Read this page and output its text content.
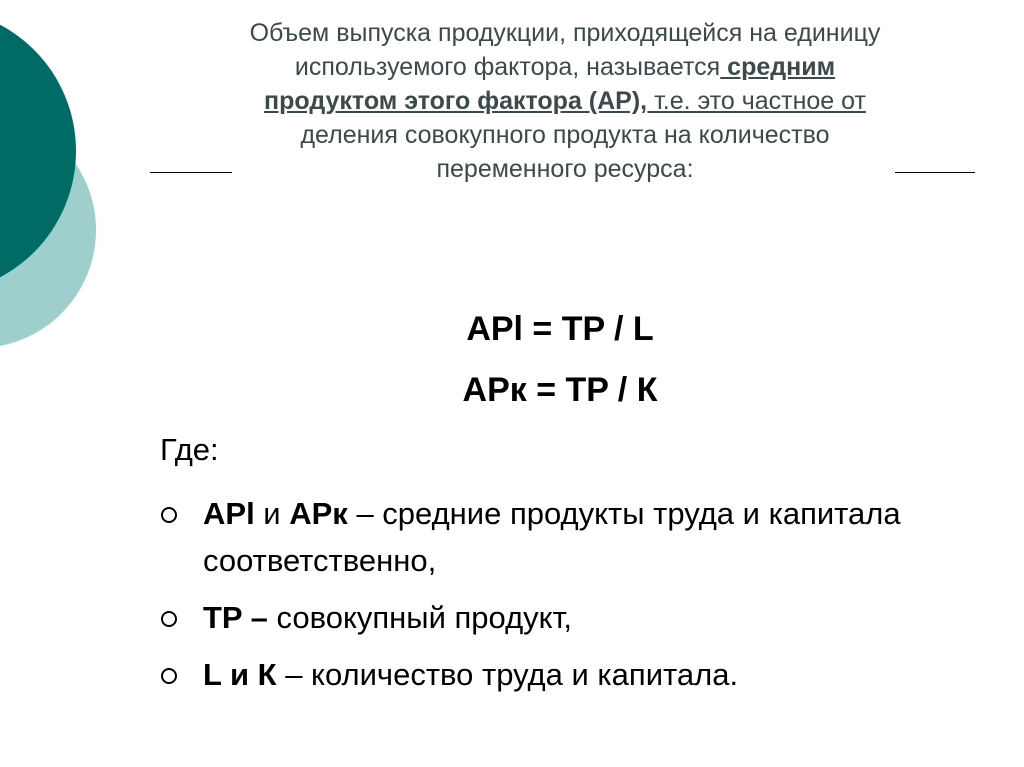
Объем выпуска продукции, приходящейся на единицу
используемого фактора, называется средним
продуктом этого фактора (АР), т.е. это частное от
деления совокупного продукта на количество
переменного ресурса:
APl = TP / L
APк = TP / К
Где:
APl и APк – средние продукты труда и капитала соответственно,
TP – совокупный продукт,
L и К – количество труда и капитала.
